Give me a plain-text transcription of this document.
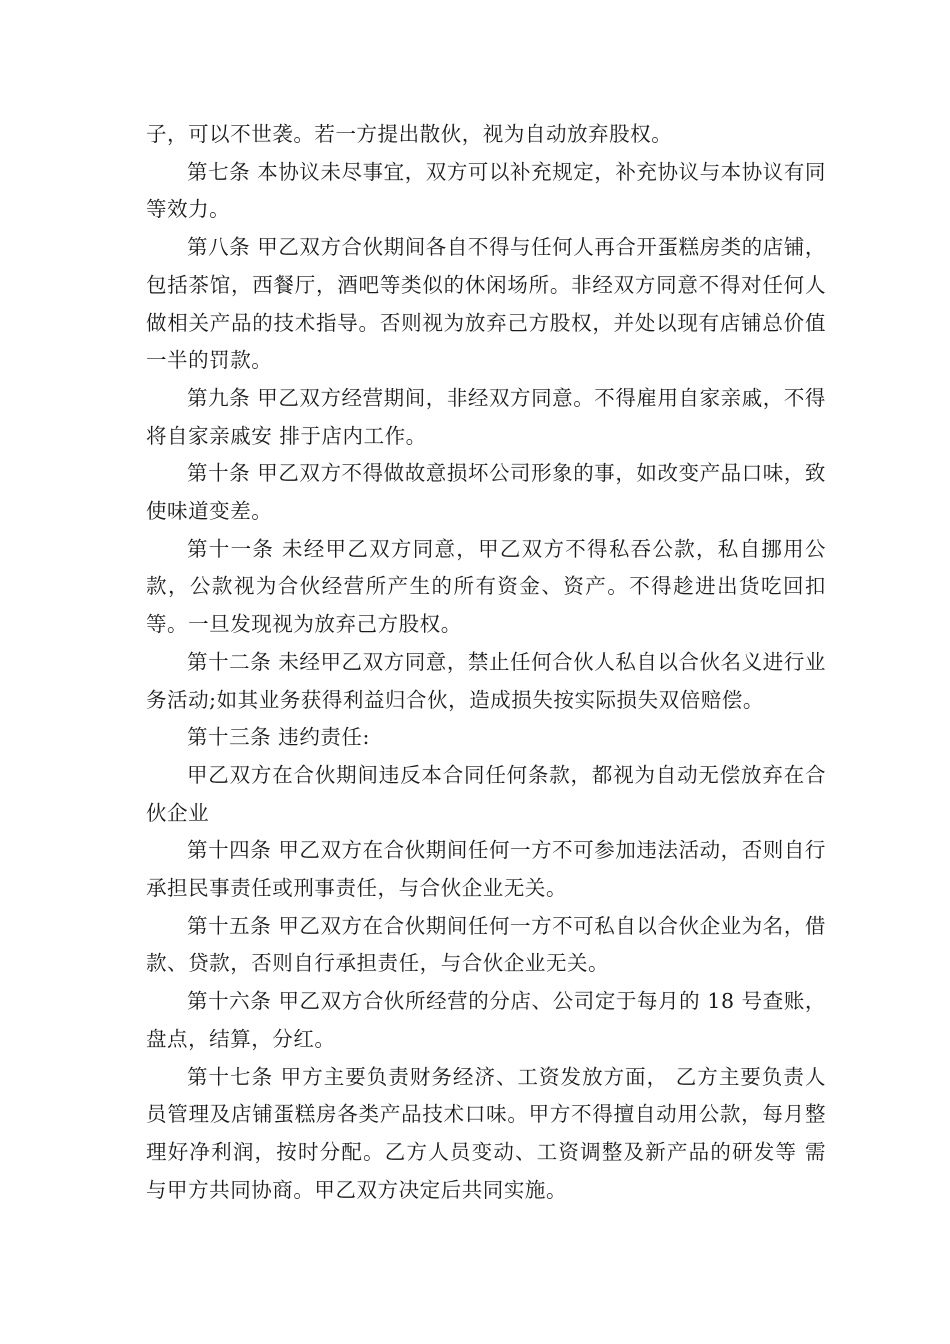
子，可以不世袭。若一方提出散伙，视为自动放弃股权。

第七条 本协议未尽事宜，双方可以补充规定，补充协议与本协议有同等效力。

第八条 甲乙双方合伙期间各自不得与任何人再合开蛋糕房类的店铺，包括茶馆，西餐厅，酒吧等类似的休闲场所。非经双方同意不得对任何人做相关产品的技术指导。否则视为放弃己方股权，并处以现有店铺总价值一半的罚款。

第九条 甲乙双方经营期间，非经双方同意。不得雇用自家亲戚，不得将自家亲戚安 排于店内工作。

第十条 甲乙双方不得做故意损坏公司形象的事，如改变产品口味，致使味道变差。

第十一条 未经甲乙双方同意，甲乙双方不得私吞公款，私自挪用公款，公款视为合伙经营所产生的所有资金、资产。不得趁进出货吃回扣等。一旦发现视为放弃己方股权。

第十二条 未经甲乙双方同意，禁止任何合伙人私自以合伙名义进行业务活动;如其业务获得利益归合伙，造成损失按实际损失双倍赔偿。

第十三条 违约责任:

甲乙双方在合伙期间违反本合同任何条款，都视为自动无偿放弃在合伙企业

第十四条 甲乙双方在合伙期间任何一方不可参加违法活动，否则自行承担民事责任或刑事责任，与合伙企业无关。

第十五条 甲乙双方在合伙期间任何一方不可私自以合伙企业为名，借款、贷款，否则自行承担责任，与合伙企业无关。

第十六条 甲乙双方合伙所经营的分店、公司定于每月的 18 号查账，盘点，结算，分红。

第十七条 甲方主要负责财务经济、工资发放方面， 乙方主要负责人员管理及店铺蛋糕房各类产品技术口味。甲方不得擅自动用公款，每月整理好净利润，按时分配。乙方人员变动、工资调整及新产品的研发等 需与甲方共同协商。甲乙双方决定后共同实施。
